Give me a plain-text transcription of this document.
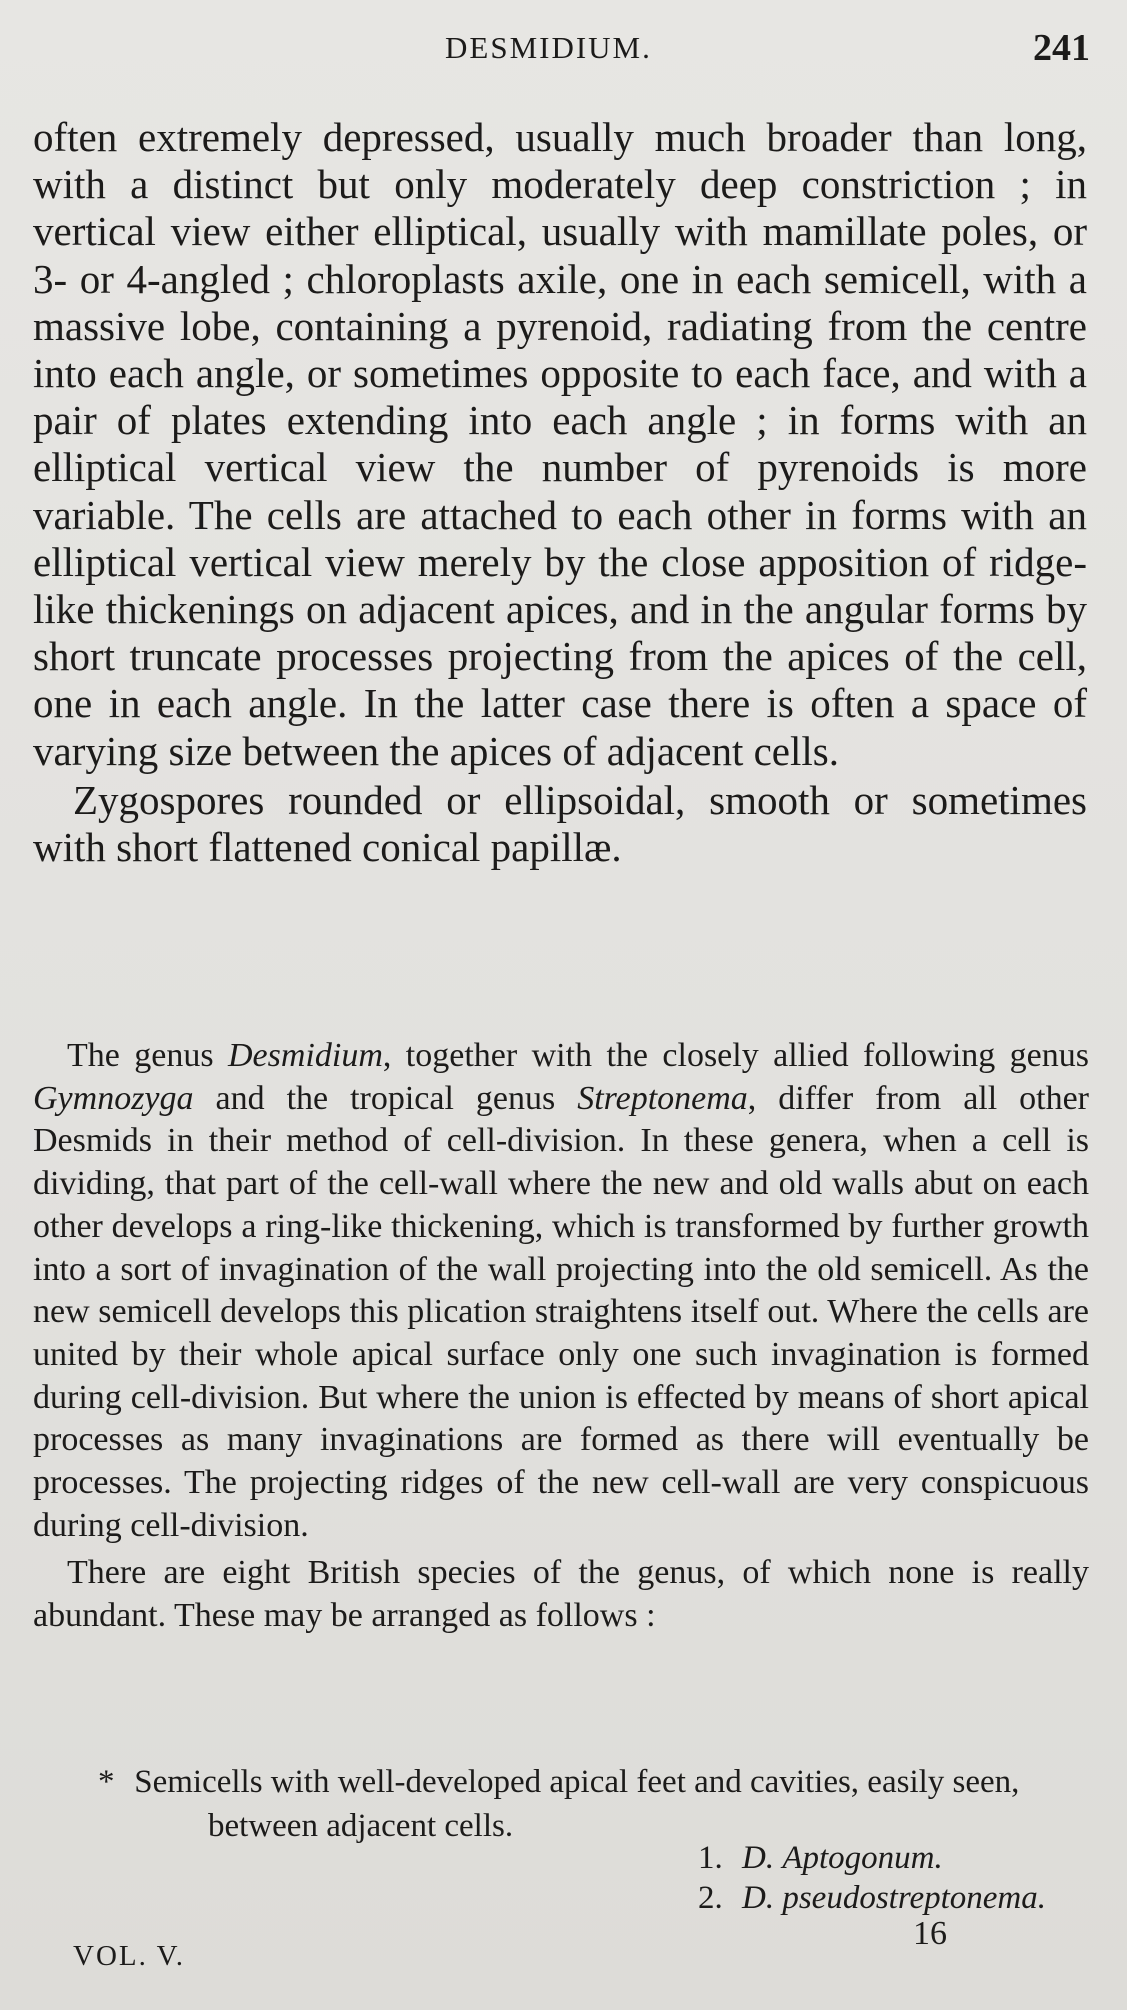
DESMIDIUM.	241

often extremely depressed, usually much broader than long, with a distinct but only moderately deep constriction ; in vertical view either elliptical, usually with mamillate poles, or 3- or 4-angled ; chloroplasts axile, one in each semicell, with a massive lobe, containing a pyrenoid, radiating from the centre into each angle, or sometimes opposite to each face, and with a pair of plates extending into each angle ; in forms with an elliptical vertical view the number of pyrenoids is more variable. The cells are attached to each other in forms with an elliptical vertical view merely by the close apposition of ridge-like thickenings on adjacent apices, and in the angular forms by short truncate processes projecting from the apices of the cell, one in each angle. In the latter case there is often a space of varying size between the apices of adjacent cells.

Zygospores rounded or ellipsoidal, smooth or sometimes with short flattened conical papillæ.

The genus Desmidium, together with the closely allied following genus Gymnozyga and the tropical genus Streptonema, differ from all other Desmids in their method of cell-division. In these genera, when a cell is dividing, that part of the cell-wall where the new and old walls abut on each other develops a ring-like thickening, which is transformed by further growth into a sort of invagination of the wall projecting into the old semicell. As the new semicell develops this plication straightens itself out. Where the cells are united by their whole apical surface only one such invagination is formed during cell-division. But where the union is effected by means of short apical processes as many invaginations are formed as there will eventually be processes. The projecting ridges of the new cell-wall are very conspicuous during cell-division.

There are eight British species of the genus, of which none is really abundant. These may be arranged as follows :

* Semicells with well-developed apical feet and cavities, easily seen, between adjacent cells.
1. D. Aptogonum.
2. D. pseudostreptonema.
VOL. V.
16
